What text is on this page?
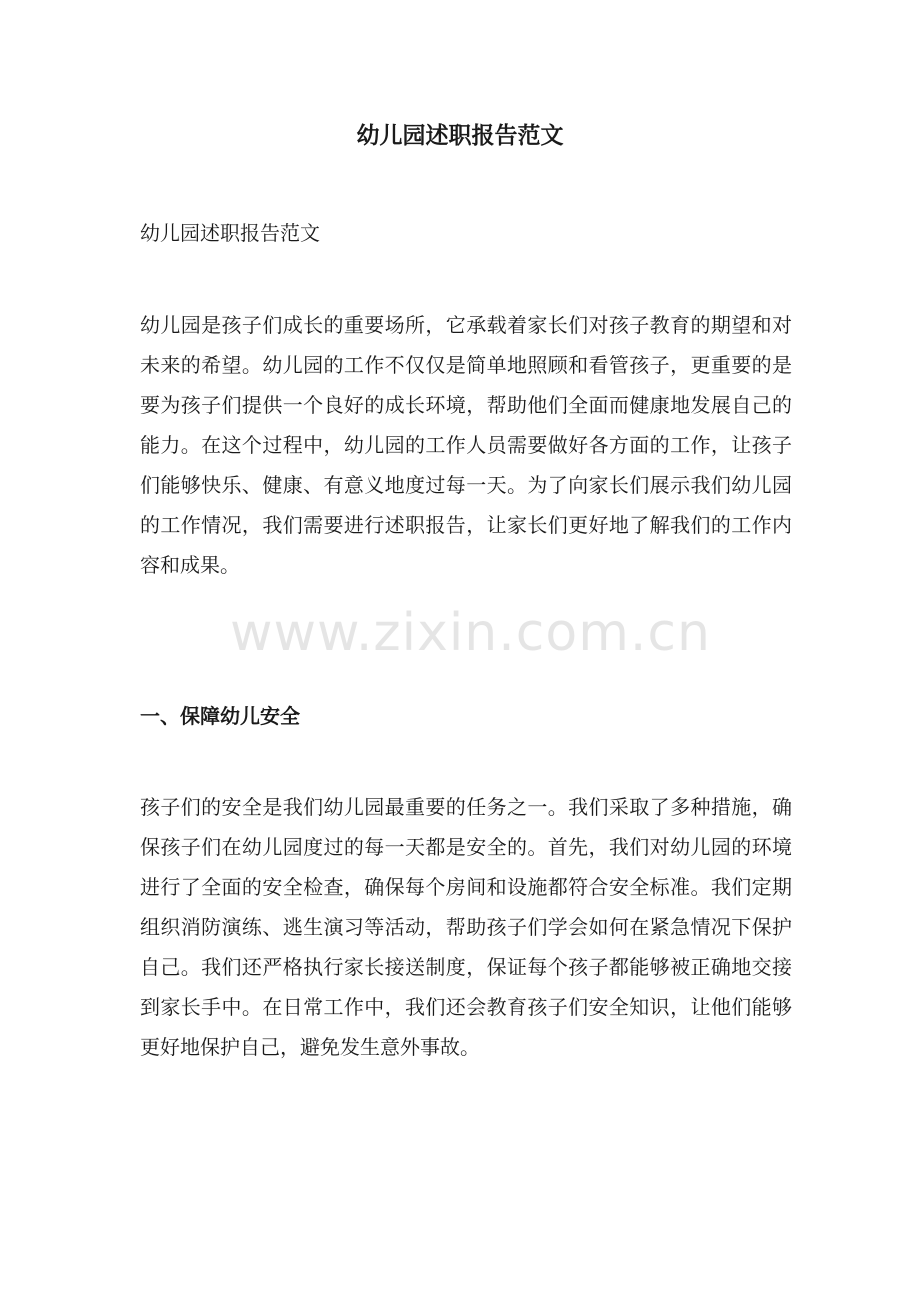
幼儿园述职报告范文

幼儿园述职报告范文

幼儿园是孩子们成长的重要场所，它承载着家长们对孩子教育的期望和对未来的希望。幼儿园的工作不仅仅是简单地照顾和看管孩子，更重要的是要为孩子们提供一个良好的成长环境，帮助他们全面而健康地发展自己的能力。在这个过程中，幼儿园的工作人员需要做好各方面的工作，让孩子们能够快乐、健康、有意义地度过每一天。为了向家长们展示我们幼儿园的工作情况，我们需要进行述职报告，让家长们更好地了解我们的工作内容和成果。

www.zixin.com.cn
一、保障幼儿安全

孩子们的安全是我们幼儿园最重要的任务之一。我们采取了多种措施，确保孩子们在幼儿园度过的每一天都是安全的。首先，我们对幼儿园的环境进行了全面的安全检查，确保每个房间和设施都符合安全标准。我们定期组织消防演练、逃生演习等活动，帮助孩子们学会如何在紧急情况下保护自己。我们还严格执行家长接送制度，保证每个孩子都能够被正确地交接到家长手中。在日常工作中，我们还会教育孩子们安全知识，让他们能够更好地保护自己，避免发生意外事故。
